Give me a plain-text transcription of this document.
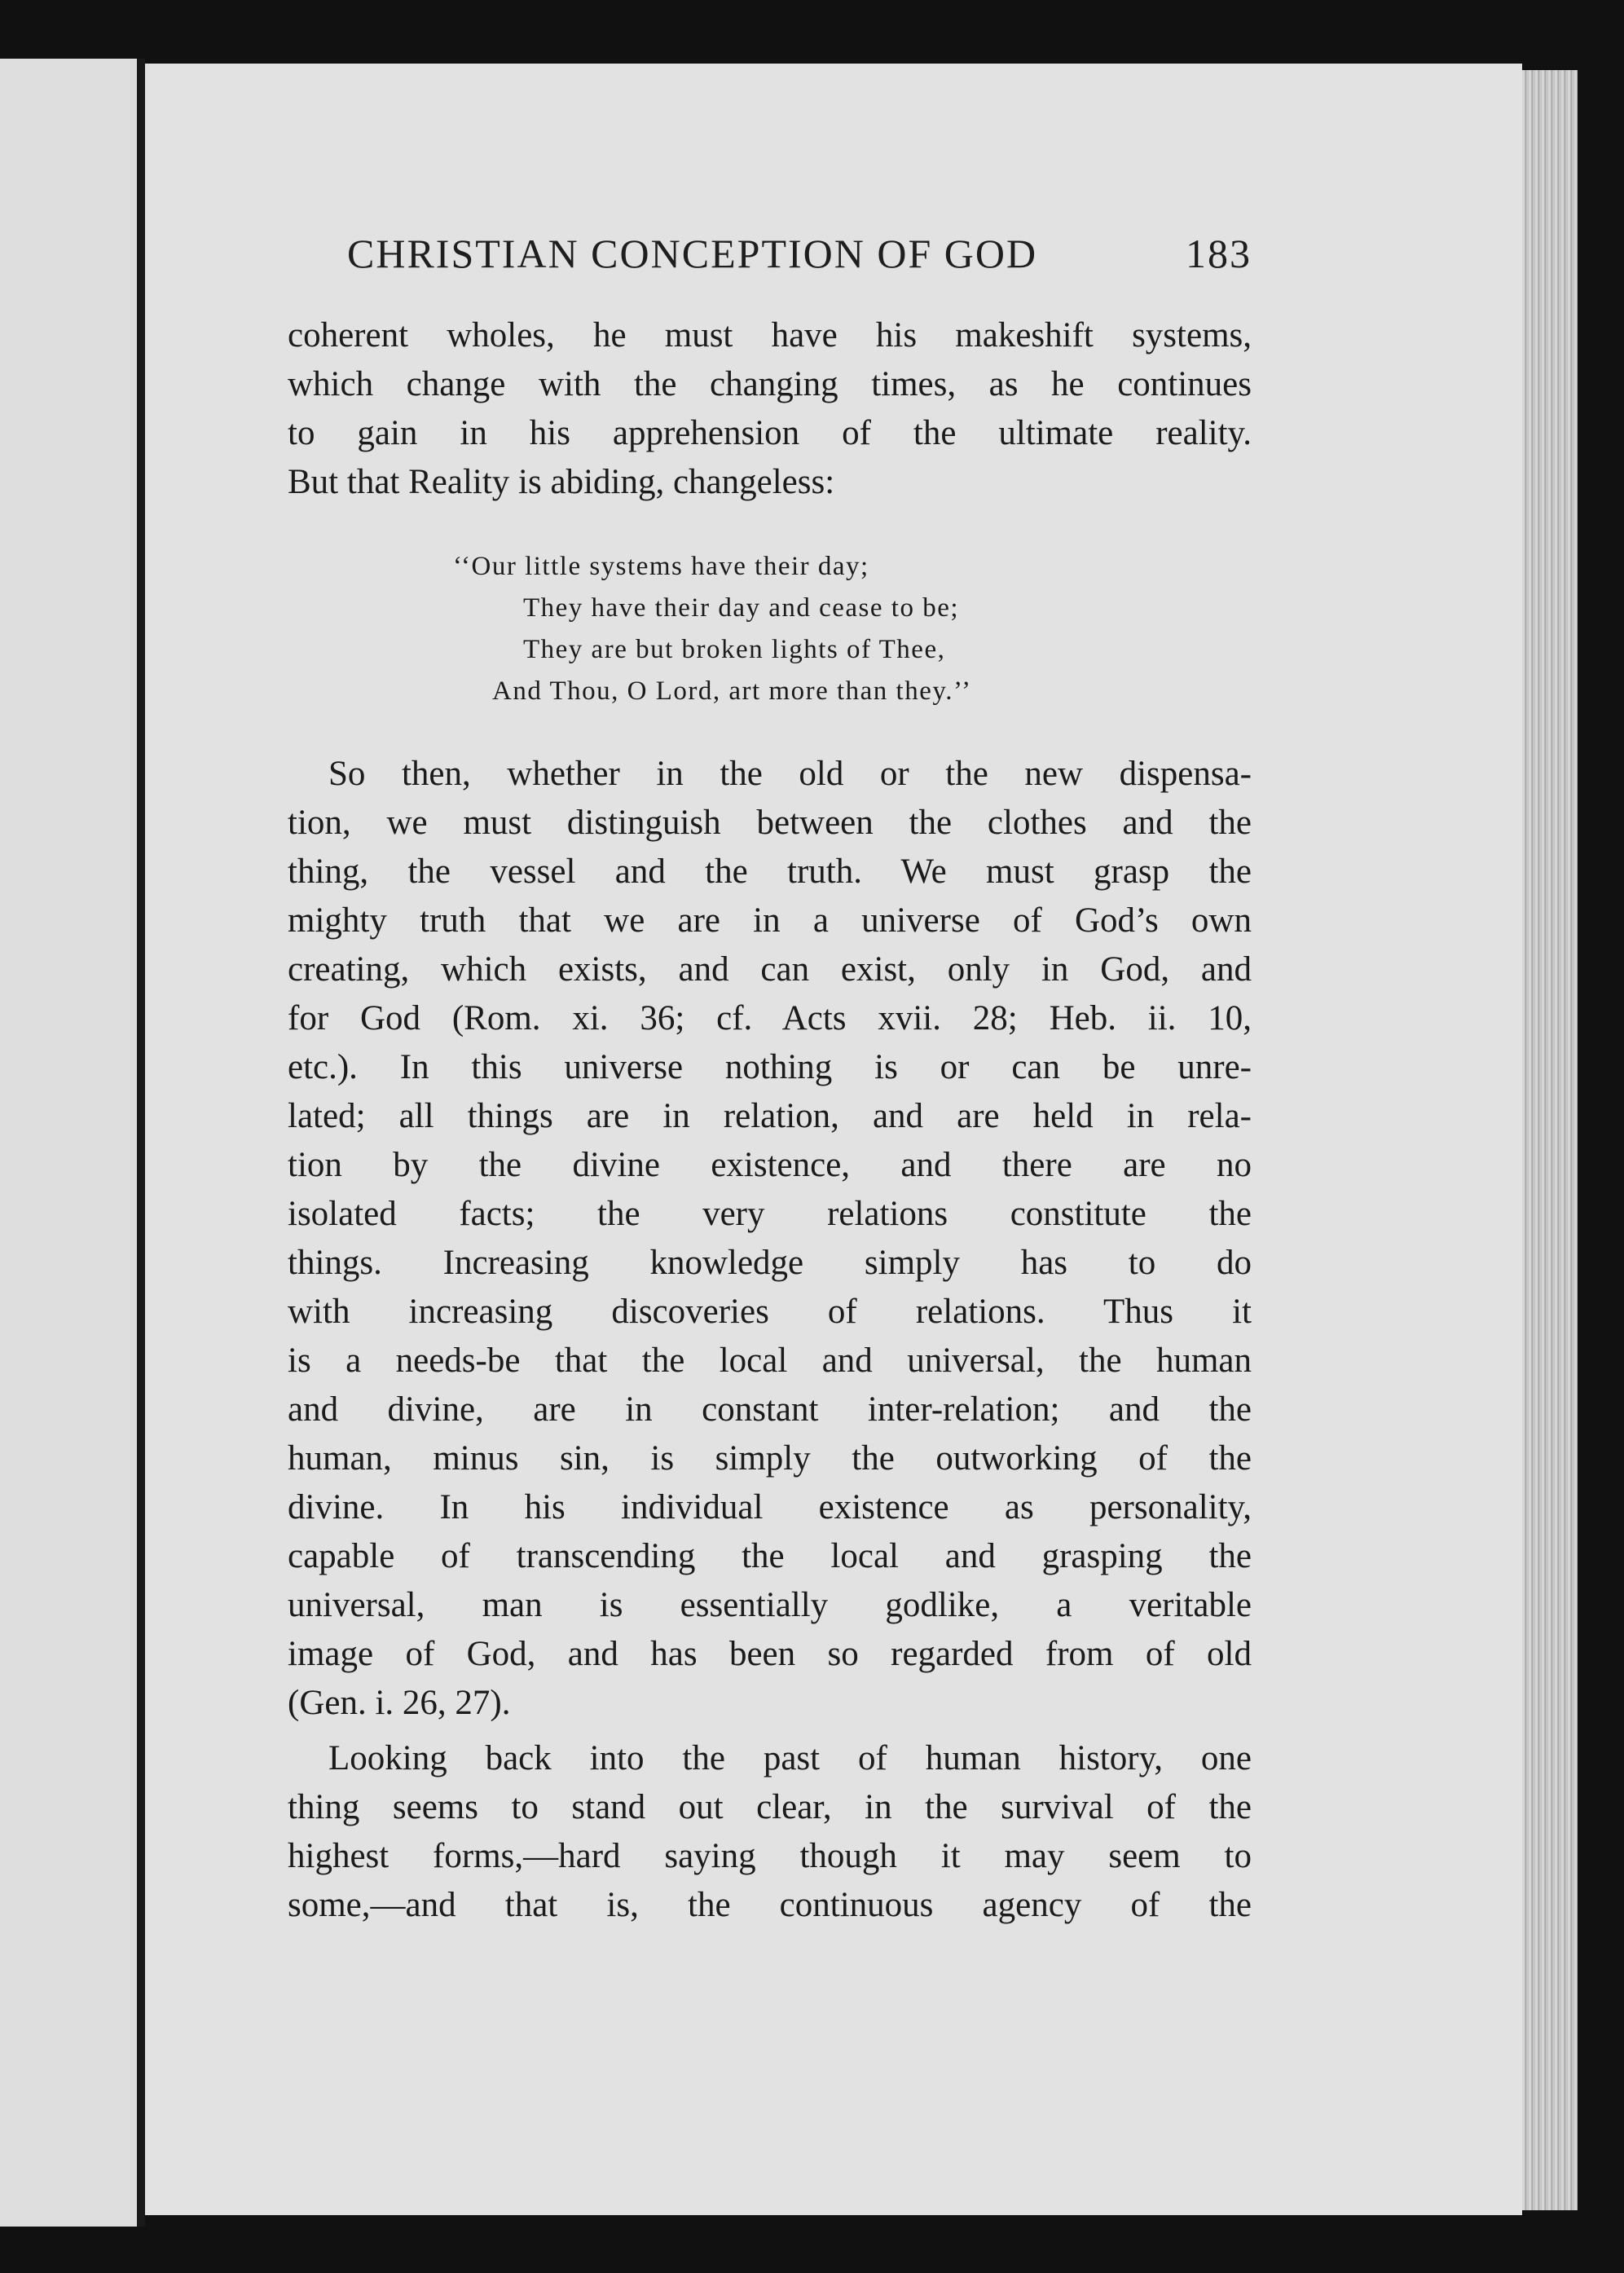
CHRISTIAN CONCEPTION OF GOD	183
coherent wholes, he must have his makeshift systems,
which change with the changing times, as he continues
to gain in his apprehension of the ultimate reality.
But that Reality is abiding, changeless:
‘‘Our little systems have their day;
They have their day and cease to be;
They are but broken lights of Thee,
And Thou, O Lord, art more than they.’’
So then, whether in the old or the new dispensa-
tion, we must distinguish between the clothes and the
thing, the vessel and the truth. We must grasp the
mighty truth that we are in a universe of God’s own
creating, which exists, and can exist, only in God, and
for God (Rom. xi. 36; cf. Acts xvii. 28; Heb. ii. 10,
etc.). In this universe nothing is or can be unre-
lated; all things are in relation, and are held in rela-
tion by the divine existence, and there are no
isolated facts; the very relations constitute the
things. Increasing knowledge simply has to do
with increasing discoveries of relations. Thus it
is a needs-be that the local and universal, the human
and divine, are in constant inter-relation; and the
human, minus sin, is simply the outworking of the
divine. In his individual existence as personality,
capable of transcending the local and grasping the
universal, man is essentially godlike, a veritable
image of God, and has been so regarded from of old
(Gen. i. 26, 27).
Looking back into the past of human history, one
thing seems to stand out clear, in the survival of the
highest forms,—hard saying though it may seem to
some,—and that is, the continuous agency of the
